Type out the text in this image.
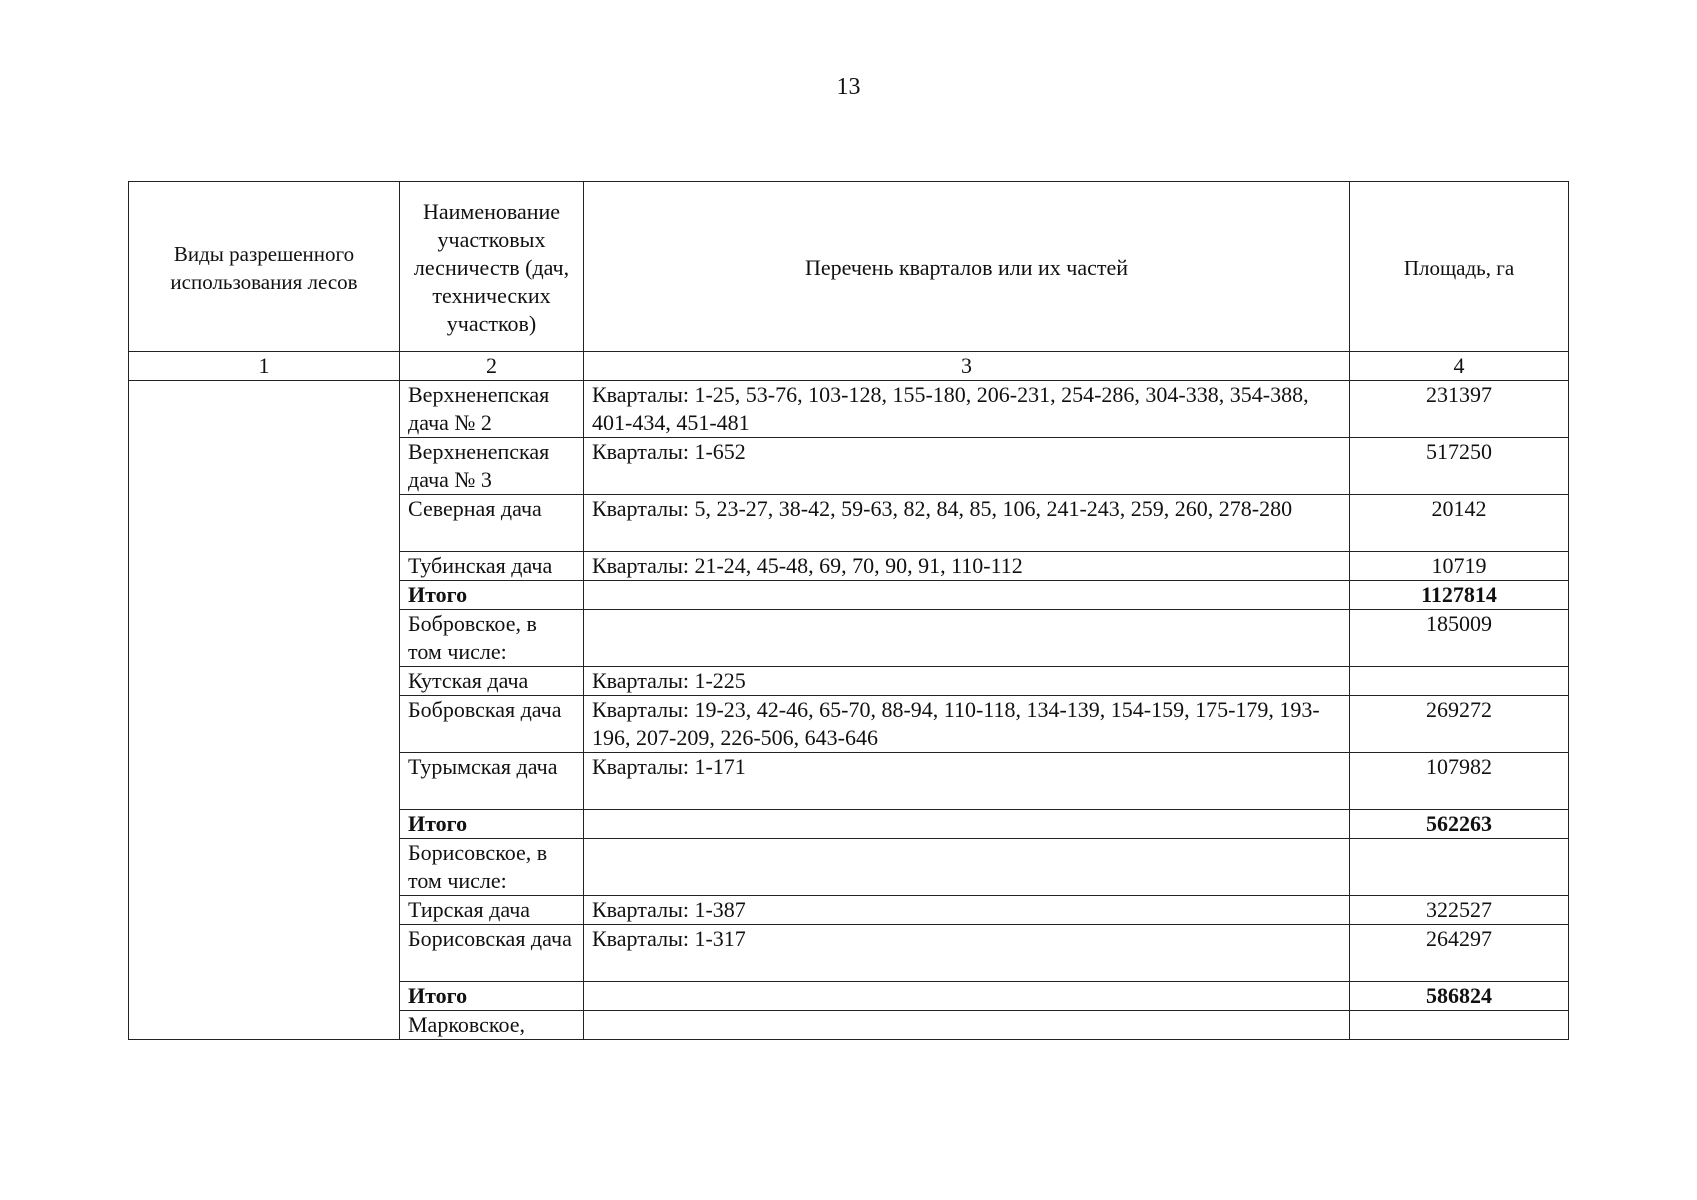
13
Виды разрешенного использования лесов	Наименование участковых лесничеств (дач, технических участков)	Перечень кварталов или их частей	Площадь, га
1	2	3	4
	Верхненепская дача № 2	Кварталы: 1-25, 53-76, 103-128, 155-180, 206-231, 254-286, 304-338, 354-388, 401-434, 451-481	231397
	Верхненепская дача № 3	Кварталы: 1-652	517250
	Северная дача	Кварталы: 5, 23-27, 38-42, 59-63, 82, 84, 85, 106, 241-243, 259, 260, 278-280	20142
	Тубинская дача	Кварталы: 21-24, 45-48, 69, 70, 90, 91, 110-112	10719
	Итого		1127814
	Бобровское, в том числе:		185009
	Кутская дача	Кварталы: 1-225	
	Бобровская дача	Кварталы: 19-23, 42-46, 65-70, 88-94, 110-118, 134-139, 154-159, 175-179, 193-196, 207-209, 226-506, 643-646	269272
	Турымская дача	Кварталы: 1-171	107982
	Итого		562263
	Борисовское, в том числе:		
	Тирская дача	Кварталы: 1-387	322527
	Борисовская дача	Кварталы: 1-317	264297
	Итого		586824
	Марковское,		
